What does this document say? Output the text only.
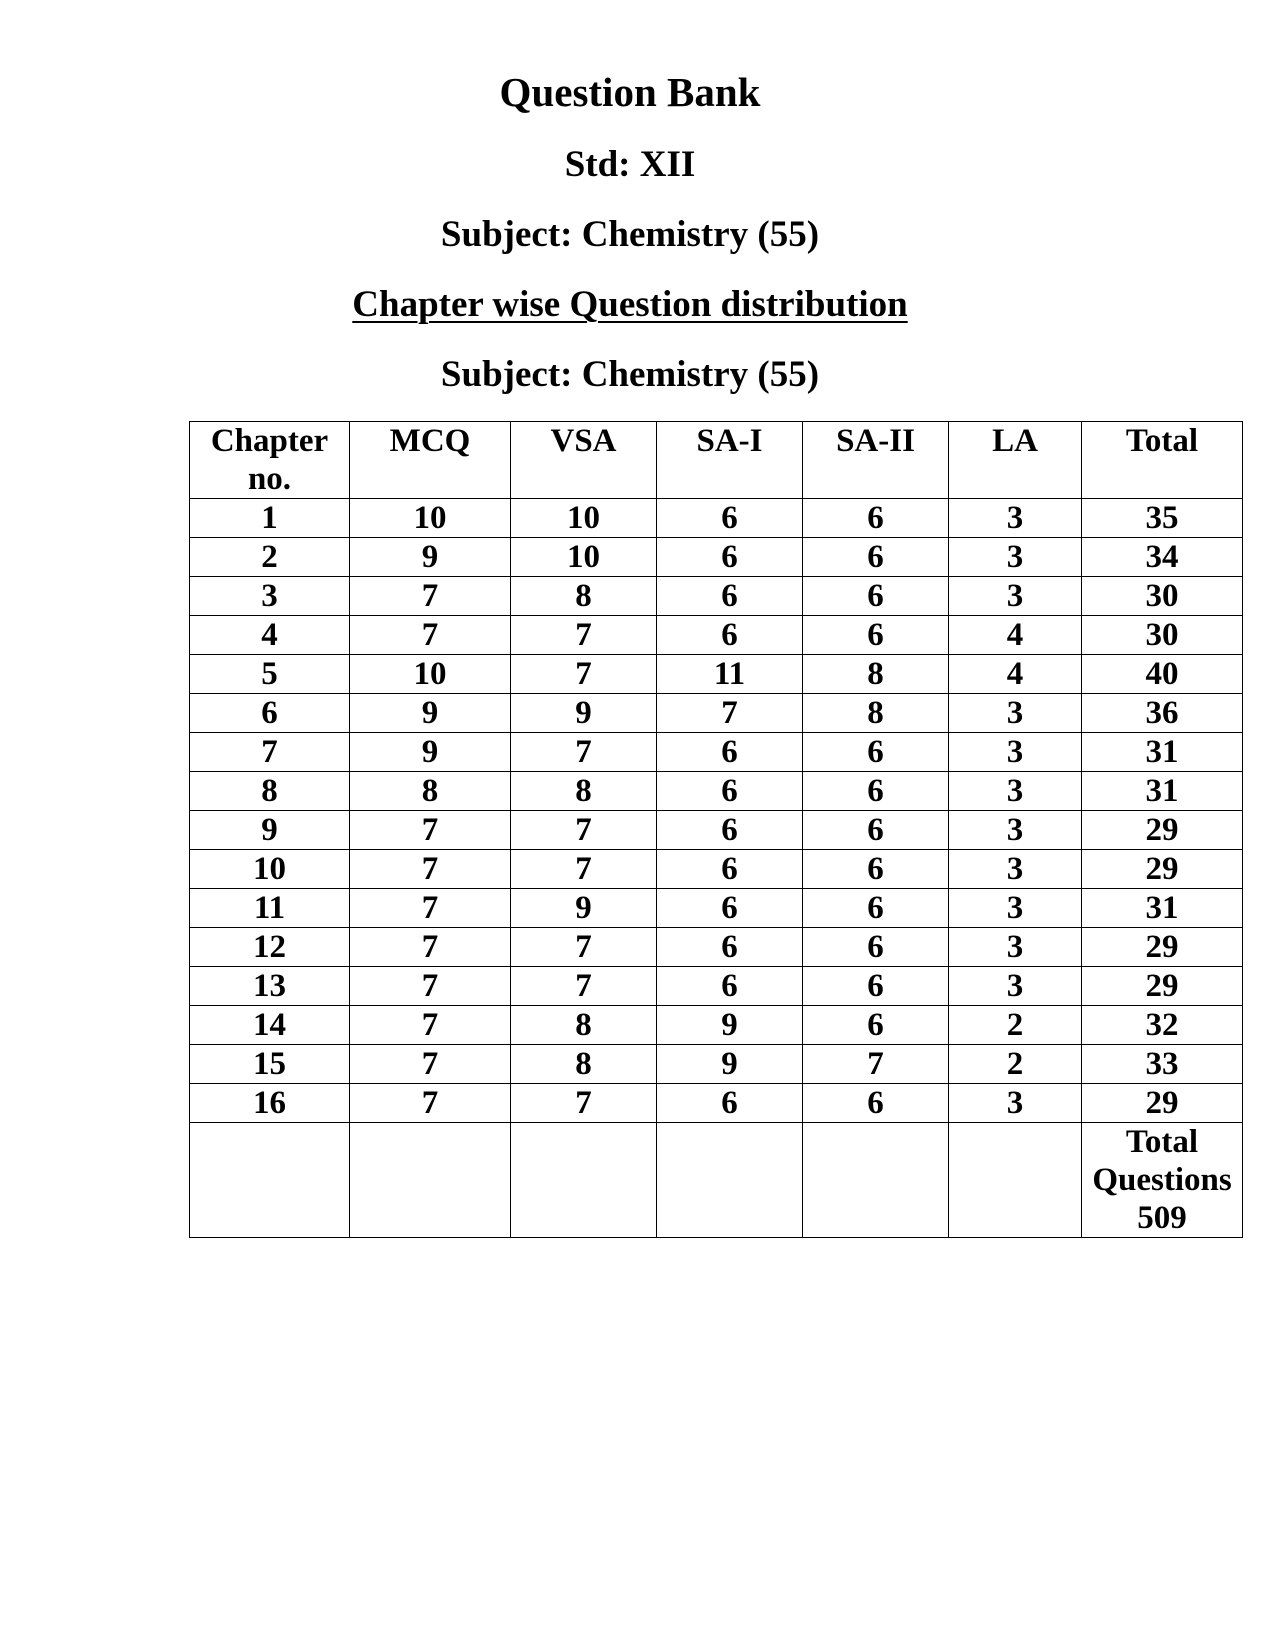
Question Bank
Std: XII
Subject: Chemistry (55)
Chapter wise Question distribution
Subject: Chemistry (55)
Chapter
no.	MCQ	VSA	SA-I	SA-II	LA	Total
1	10	10	6	6	3	35
2	9	10	6	6	3	34
3	7	8	6	6	3	30
4	7	7	6	6	4	30
5	10	7	11	8	4	40
6	9	9	7	8	3	36
7	9	7	6	6	3	31
8	8	8	6	6	3	31
9	7	7	6	6	3	29
10	7	7	6	6	3	29
11	7	9	6	6	3	31
12	7	7	6	6	3	29
13	7	7	6	6	3	29
14	7	8	9	6	2	32
15	7	8	9	7	2	33
16	7	7	6	6	3	29

						Total
Questions
509
